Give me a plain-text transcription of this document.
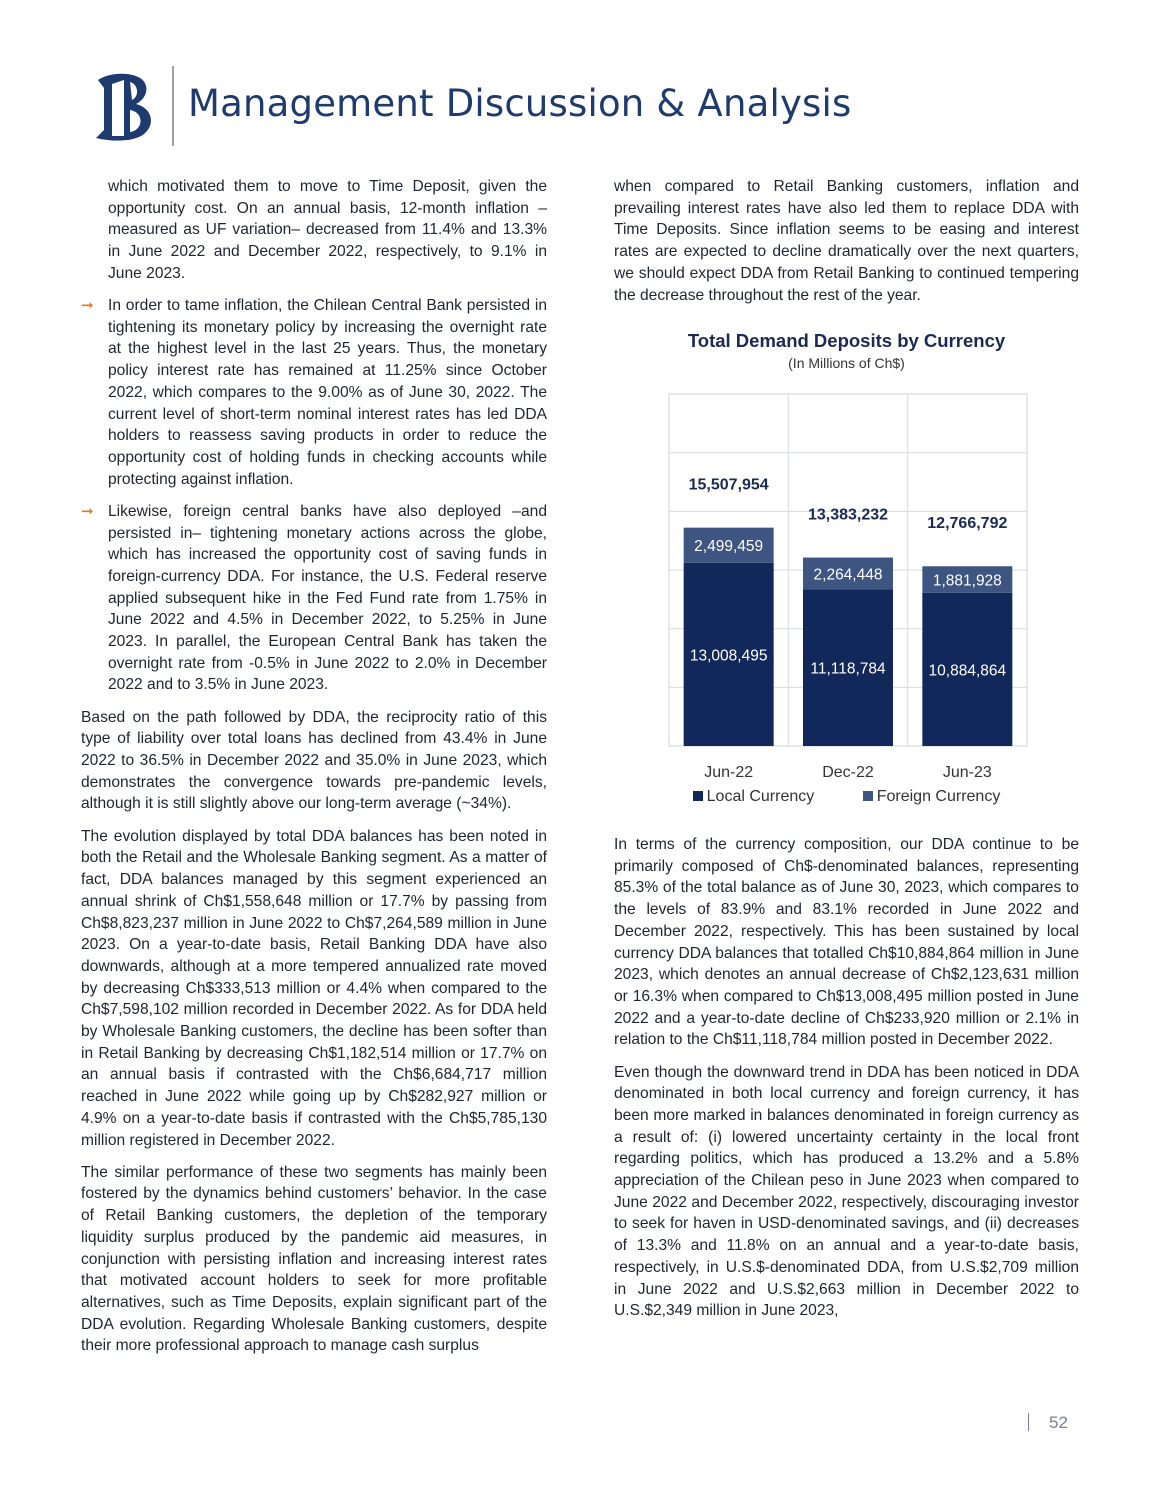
Management Discussion & Analysis

which motivated them to move to Time Deposit, given the opportunity cost. On an annual basis, 12-month inflation –measured as UF variation– decreased from 11.4% and 13.3% in June 2022 and December 2022, respectively, to 9.1% in June 2023.

➞ In order to tame inflation, the Chilean Central Bank persisted in tightening its monetary policy by increasing the overnight rate at the highest level in the last 25 years. Thus, the monetary policy interest rate has remained at 11.25% since October 2022, which compares to the 9.00% as of June 30, 2022. The current level of short-term nominal interest rates has led DDA holders to reassess saving products in order to reduce the opportunity cost of holding funds in checking accounts while protecting against inflation.
➞ Likewise, foreign central banks have also deployed –and persisted in– tightening monetary actions across the globe, which has increased the opportunity cost of saving funds in foreign-currency DDA. For instance, the U.S. Federal reserve applied subsequent hike in the Fed Fund rate from 1.75% in June 2022 and 4.5% in December 2022, to 5.25% in June 2023. In parallel, the European Central Bank has taken the overnight rate from -0.5% in June 2022 to 2.0% in December 2022 and to 3.5% in June 2023.

Based on the path followed by DDA, the reciprocity ratio of this type of liability over total loans has declined from 43.4% in June 2022 to 36.5% in December 2022 and 35.0% in June 2023, which demonstrates the convergence towards pre-pandemic levels, although it is still slightly above our long-term average (~34%).

The evolution displayed by total DDA balances has been noted in both the Retail and the Wholesale Banking segment. As a matter of fact, DDA balances managed by this segment experienced an annual shrink of Ch$1,558,648 million or 17.7% by passing from Ch$8,823,237 million in June 2022 to Ch$7,264,589 million in June 2023. On a year-to-date basis, Retail Banking DDA have also downwards, although at a more tempered annualized rate moved by decreasing Ch$333,513 million or 4.4% when compared to the Ch$7,598,102 million recorded in December 2022. As for DDA held by Wholesale Banking customers, the decline has been softer than in Retail Banking by decreasing Ch$1,182,514 million or 17.7% on an annual basis if contrasted with the Ch$6,684,717 million reached in June 2022 while going up by Ch$282,927 million or 4.9% on a year-to-date basis if contrasted with the Ch$5,785,130 million registered in December 2022.

The similar performance of these two segments has mainly been fostered by the dynamics behind customers’ behavior. In the case of Retail Banking customers, the depletion of the temporary liquidity surplus produced by the pandemic aid measures, in conjunction with persisting inflation and increasing interest rates that motivated account holders to seek for more profitable alternatives, such as Time Deposits, explain significant part of the DDA evolution. Regarding Wholesale Banking customers, despite their more professional approach to manage cash surplus

when compared to Retail Banking customers, inflation and prevailing interest rates have also led them to replace DDA with Time Deposits. Since inflation seems to be easing and interest rates are expected to decline dramatically over the next quarters, we should expect DDA from Retail Banking to continued tempering the decrease throughout the rest of the year.

Total Demand Deposits by Currency
(In Millions of Ch$)
13,008,495
2,499,459
15,507,954
Jun-22
11,118,784
2,264,448
13,383,232
Dec-22
10,884,864
1,881,928
12,766,792
Jun-23
Local Currency	Foreign Currency

In terms of the currency composition, our DDA continue to be primarily composed of Ch$-denominated balances, representing 85.3% of the total balance as of June 30, 2023, which compares to the levels of 83.9% and 83.1% recorded in June 2022 and December 2022, respectively. This has been sustained by local currency DDA balances that totalled Ch$10,884,864 million in June 2023, which denotes an annual decrease of Ch$2,123,631 million or 16.3% when compared to Ch$13,008,495 million posted in June 2022 and a year-to-date decline of Ch$233,920 million or 2.1% in relation to the Ch$11,118,784 million posted in December 2022.

Even though the downward trend in DDA has been noticed in DDA denominated in both local currency and foreign currency, it has been more marked in balances denominated in foreign currency as a result of: (i) lowered uncertainty certainty in the local front regarding politics, which has produced a 13.2% and a 5.8% appreciation of the Chilean peso in June 2023 when compared to June 2022 and December 2022, respectively, discouraging investor to seek for haven in USD-denominated savings, and (ii) decreases of 13.3% and 11.8% on an annual and a year-to-date basis, respectively, in U.S.$-denominated DDA, from U.S.$2,709 million in June 2022 and U.S.$2,663 million in December 2022 to U.S.$2,349 million in June 2023,

52
